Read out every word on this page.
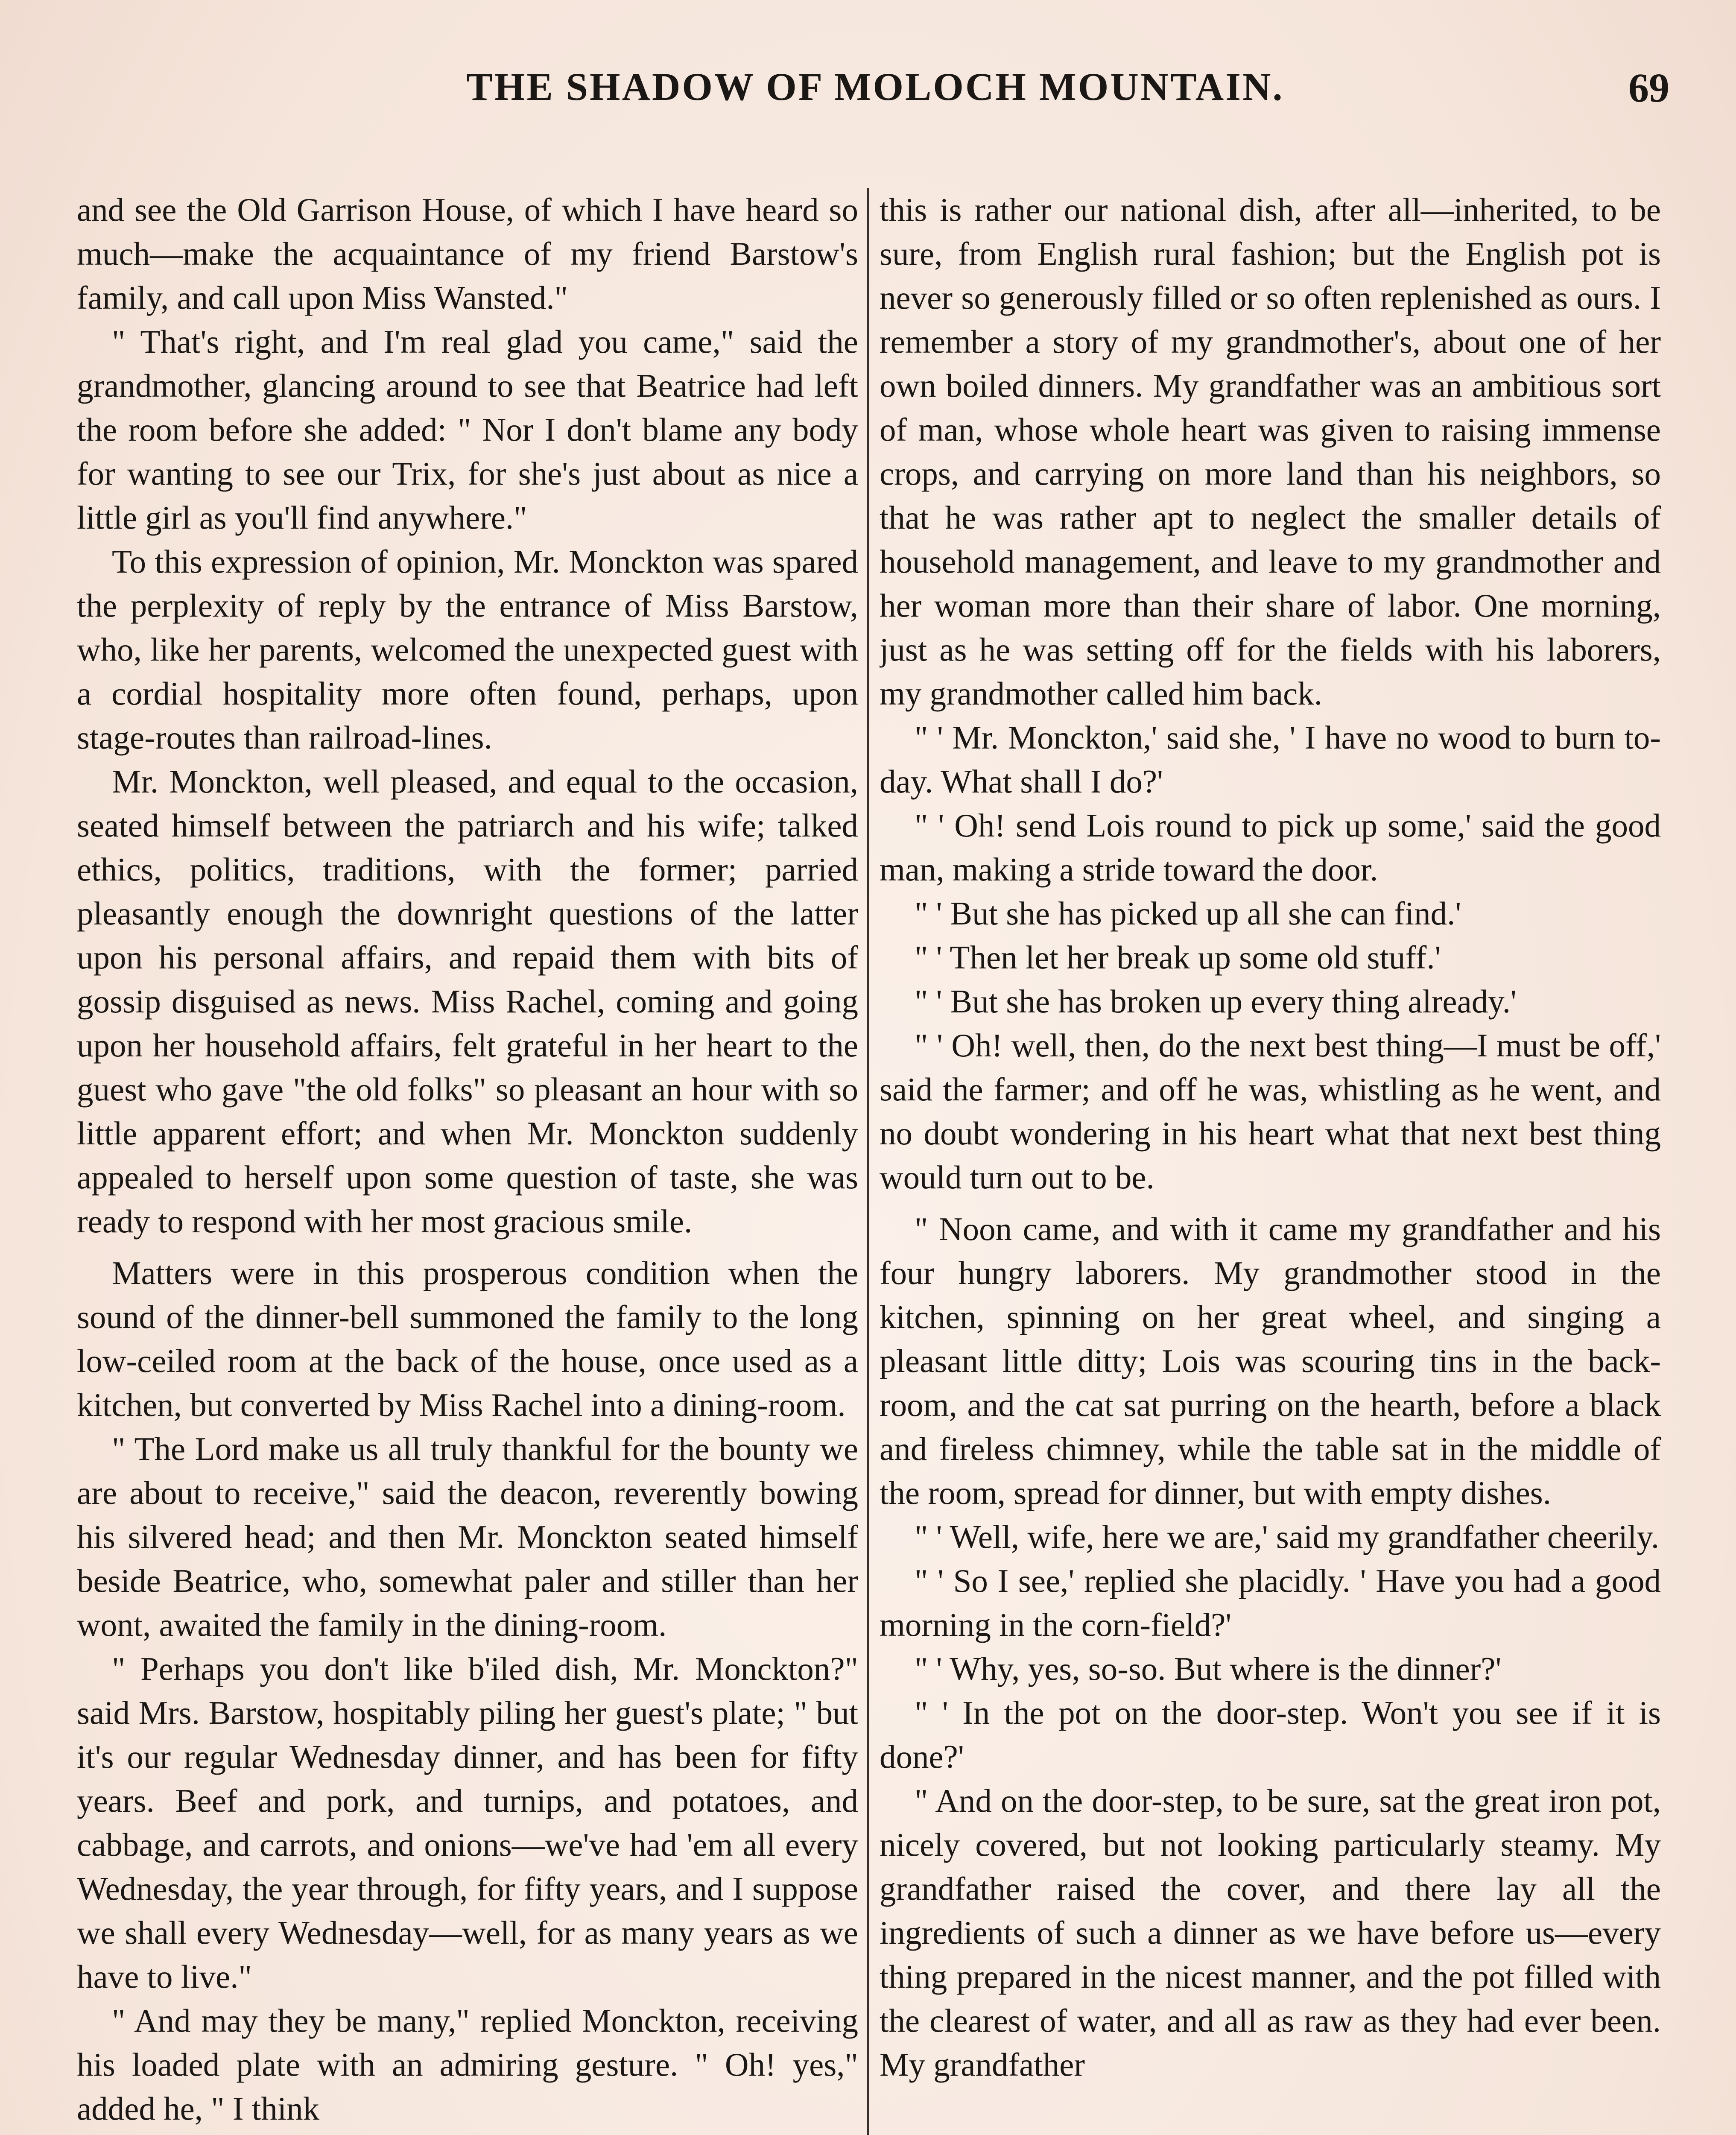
THE SHADOW OF MOLOCH MOUNTAIN.	69

and see the Old Garrison House, of which I have heard so much—make the acquaintance of my friend Barstow's family, and call upon Miss Wansted."

" That's right, and I'm real glad you came," said the grandmother, glancing around to see that Beatrice had left the room before she added: " Nor I don't blame any body for wanting to see our Trix, for she's just about as nice a little girl as you'll find anywhere."

To this expression of opinion, Mr. Monckton was spared the perplexity of reply by the entrance of Miss Barstow, who, like her parents, welcomed the unexpected guest with a cordial hospitality more often found, perhaps, upon stage-routes than railroad-lines.

Mr. Monckton, well pleased, and equal to the occasion, seated himself between the patriarch and his wife; talked ethics, politics, traditions, with the former; parried pleasantly enough the downright questions of the latter upon his personal affairs, and repaid them with bits of gossip disguised as news. Miss Rachel, coming and going upon her household affairs, felt grateful in her heart to the guest who gave "the old folks" so pleasant an hour with so little apparent effort; and when Mr. Monckton suddenly appealed to herself upon some question of taste, she was ready to respond with her most gracious smile.

Matters were in this prosperous condition when the sound of the dinner-bell summoned the family to the long low-ceiled room at the back of the house, once used as a kitchen, but converted by Miss Rachel into a dining-room.

" The Lord make us all truly thankful for the bounty we are about to receive," said the deacon, reverently bowing his silvered head; and then Mr. Monckton seated himself beside Beatrice, who, somewhat paler and stiller than her wont, awaited the family in the dining-room.

" Perhaps you don't like b'iled dish, Mr. Monckton?" said Mrs. Barstow, hospitably piling her guest's plate; " but it's our regular Wednesday dinner, and has been for fifty years. Beef and pork, and turnips, and potatoes, and cabbage, and carrots, and onions—we've had 'em all every Wednesday, the year through, for fifty years, and I suppose we shall every Wednesday—well, for as many years as we have to live."

" And may they be many," replied Monckton, receiving his loaded plate with an admiring gesture. " Oh! yes," added he, " I think

this is rather our national dish, after all—inherited, to be sure, from English rural fashion; but the English pot is never so generously filled or so often replenished as ours. I remember a story of my grandmother's, about one of her own boiled dinners. My grandfather was an ambitious sort of man, whose whole heart was given to raising immense crops, and carrying on more land than his neighbors, so that he was rather apt to neglect the smaller details of household management, and leave to my grandmother and her woman more than their share of labor. One morning, just as he was setting off for the fields with his laborers, my grandmother called him back.

" ' Mr. Monckton,' said she, ' I have no wood to burn to-day. What shall I do?'

" ' Oh! send Lois round to pick up some,' said the good man, making a stride toward the door.

" ' But she has picked up all she can find.'

" ' Then let her break up some old stuff.'

" ' But she has broken up every thing already.'

" ' Oh! well, then, do the next best thing—I must be off,' said the farmer; and off he was, whistling as he went, and no doubt wondering in his heart what that next best thing would turn out to be.

" Noon came, and with it came my grandfather and his four hungry laborers. My grandmother stood in the kitchen, spinning on her great wheel, and singing a pleasant little ditty; Lois was scouring tins in the back-room, and the cat sat purring on the hearth, before a black and fireless chimney, while the table sat in the middle of the room, spread for dinner, but with empty dishes.

" ' Well, wife, here we are,' said my grandfather cheerily.

" ' So I see,' replied she placidly. ' Have you had a good morning in the corn-field?'

" ' Why, yes, so-so. But where is the dinner?'

" ' In the pot on the door-step. Won't you see if it is done?'

" And on the door-step, to be sure, sat the great iron pot, nicely covered, but not looking particularly steamy. My grandfather raised the cover, and there lay all the ingredients of such a dinner as we have before us—every thing prepared in the nicest manner, and the pot filled with the clearest of water, and all as raw as they had ever been. My grandfather
